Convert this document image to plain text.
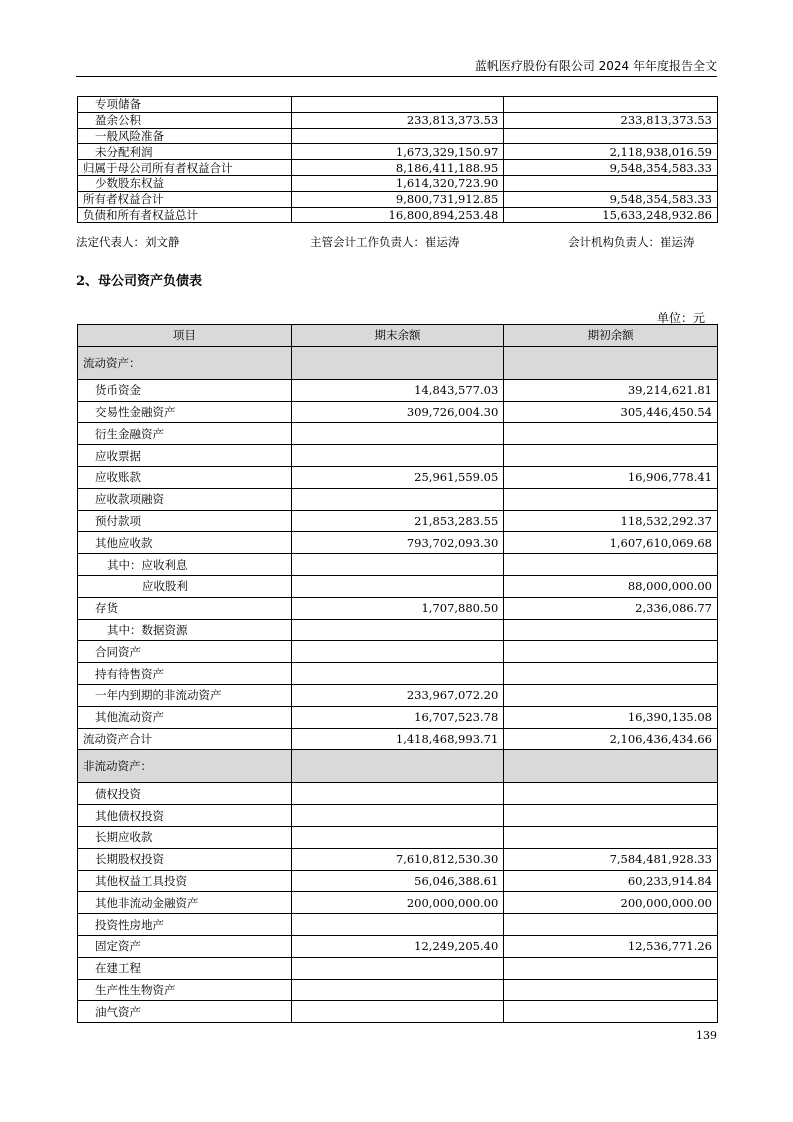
蓝帆医疗股份有限公司 2024 年年度报告全文
专项储备		
盈余公积	233,813,373.53	233,813,373.53
一般风险准备		
未分配利润	1,673,329,150.97	2,118,938,016.59
归属于母公司所有者权益合计	8,186,411,188.95	9,548,354,583.33
少数股东权益	1,614,320,723.90	
所有者权益合计	9,800,731,912.85	9,548,354,583.33
负债和所有者权益总计	16,800,894,253.48	15,633,248,932.86
法定代表人：刘文静	主管会计工作负责人：崔运涛	会计机构负责人：崔运涛
2、母公司资产负债表
单位：元
项目	期末余额	期初余额
流动资产：		
货币资金	14,843,577.03	39,214,621.81
交易性金融资产	309,726,004.30	305,446,450.54
衍生金融资产		
应收票据		
应收账款	25,961,559.05	16,906,778.41
应收款项融资		
预付款项	21,853,283.55	118,532,292.37
其他应收款	793,702,093.30	1,607,610,069.68
其中：应收利息		
应收股利		88,000,000.00
存货	1,707,880.50	2,336,086.77
其中：数据资源		
合同资产		
持有待售资产		
一年内到期的非流动资产	233,967,072.20	
其他流动资产	16,707,523.78	16,390,135.08
流动资产合计	1,418,468,993.71	2,106,436,434.66
非流动资产：		
债权投资		
其他债权投资		
长期应收款		
长期股权投资	7,610,812,530.30	7,584,481,928.33
其他权益工具投资	56,046,388.61	60,233,914.84
其他非流动金融资产	200,000,000.00	200,000,000.00
投资性房地产		
固定资产	12,249,205.40	12,536,771.26
在建工程		
生产性生物资产		
油气资产		
139
